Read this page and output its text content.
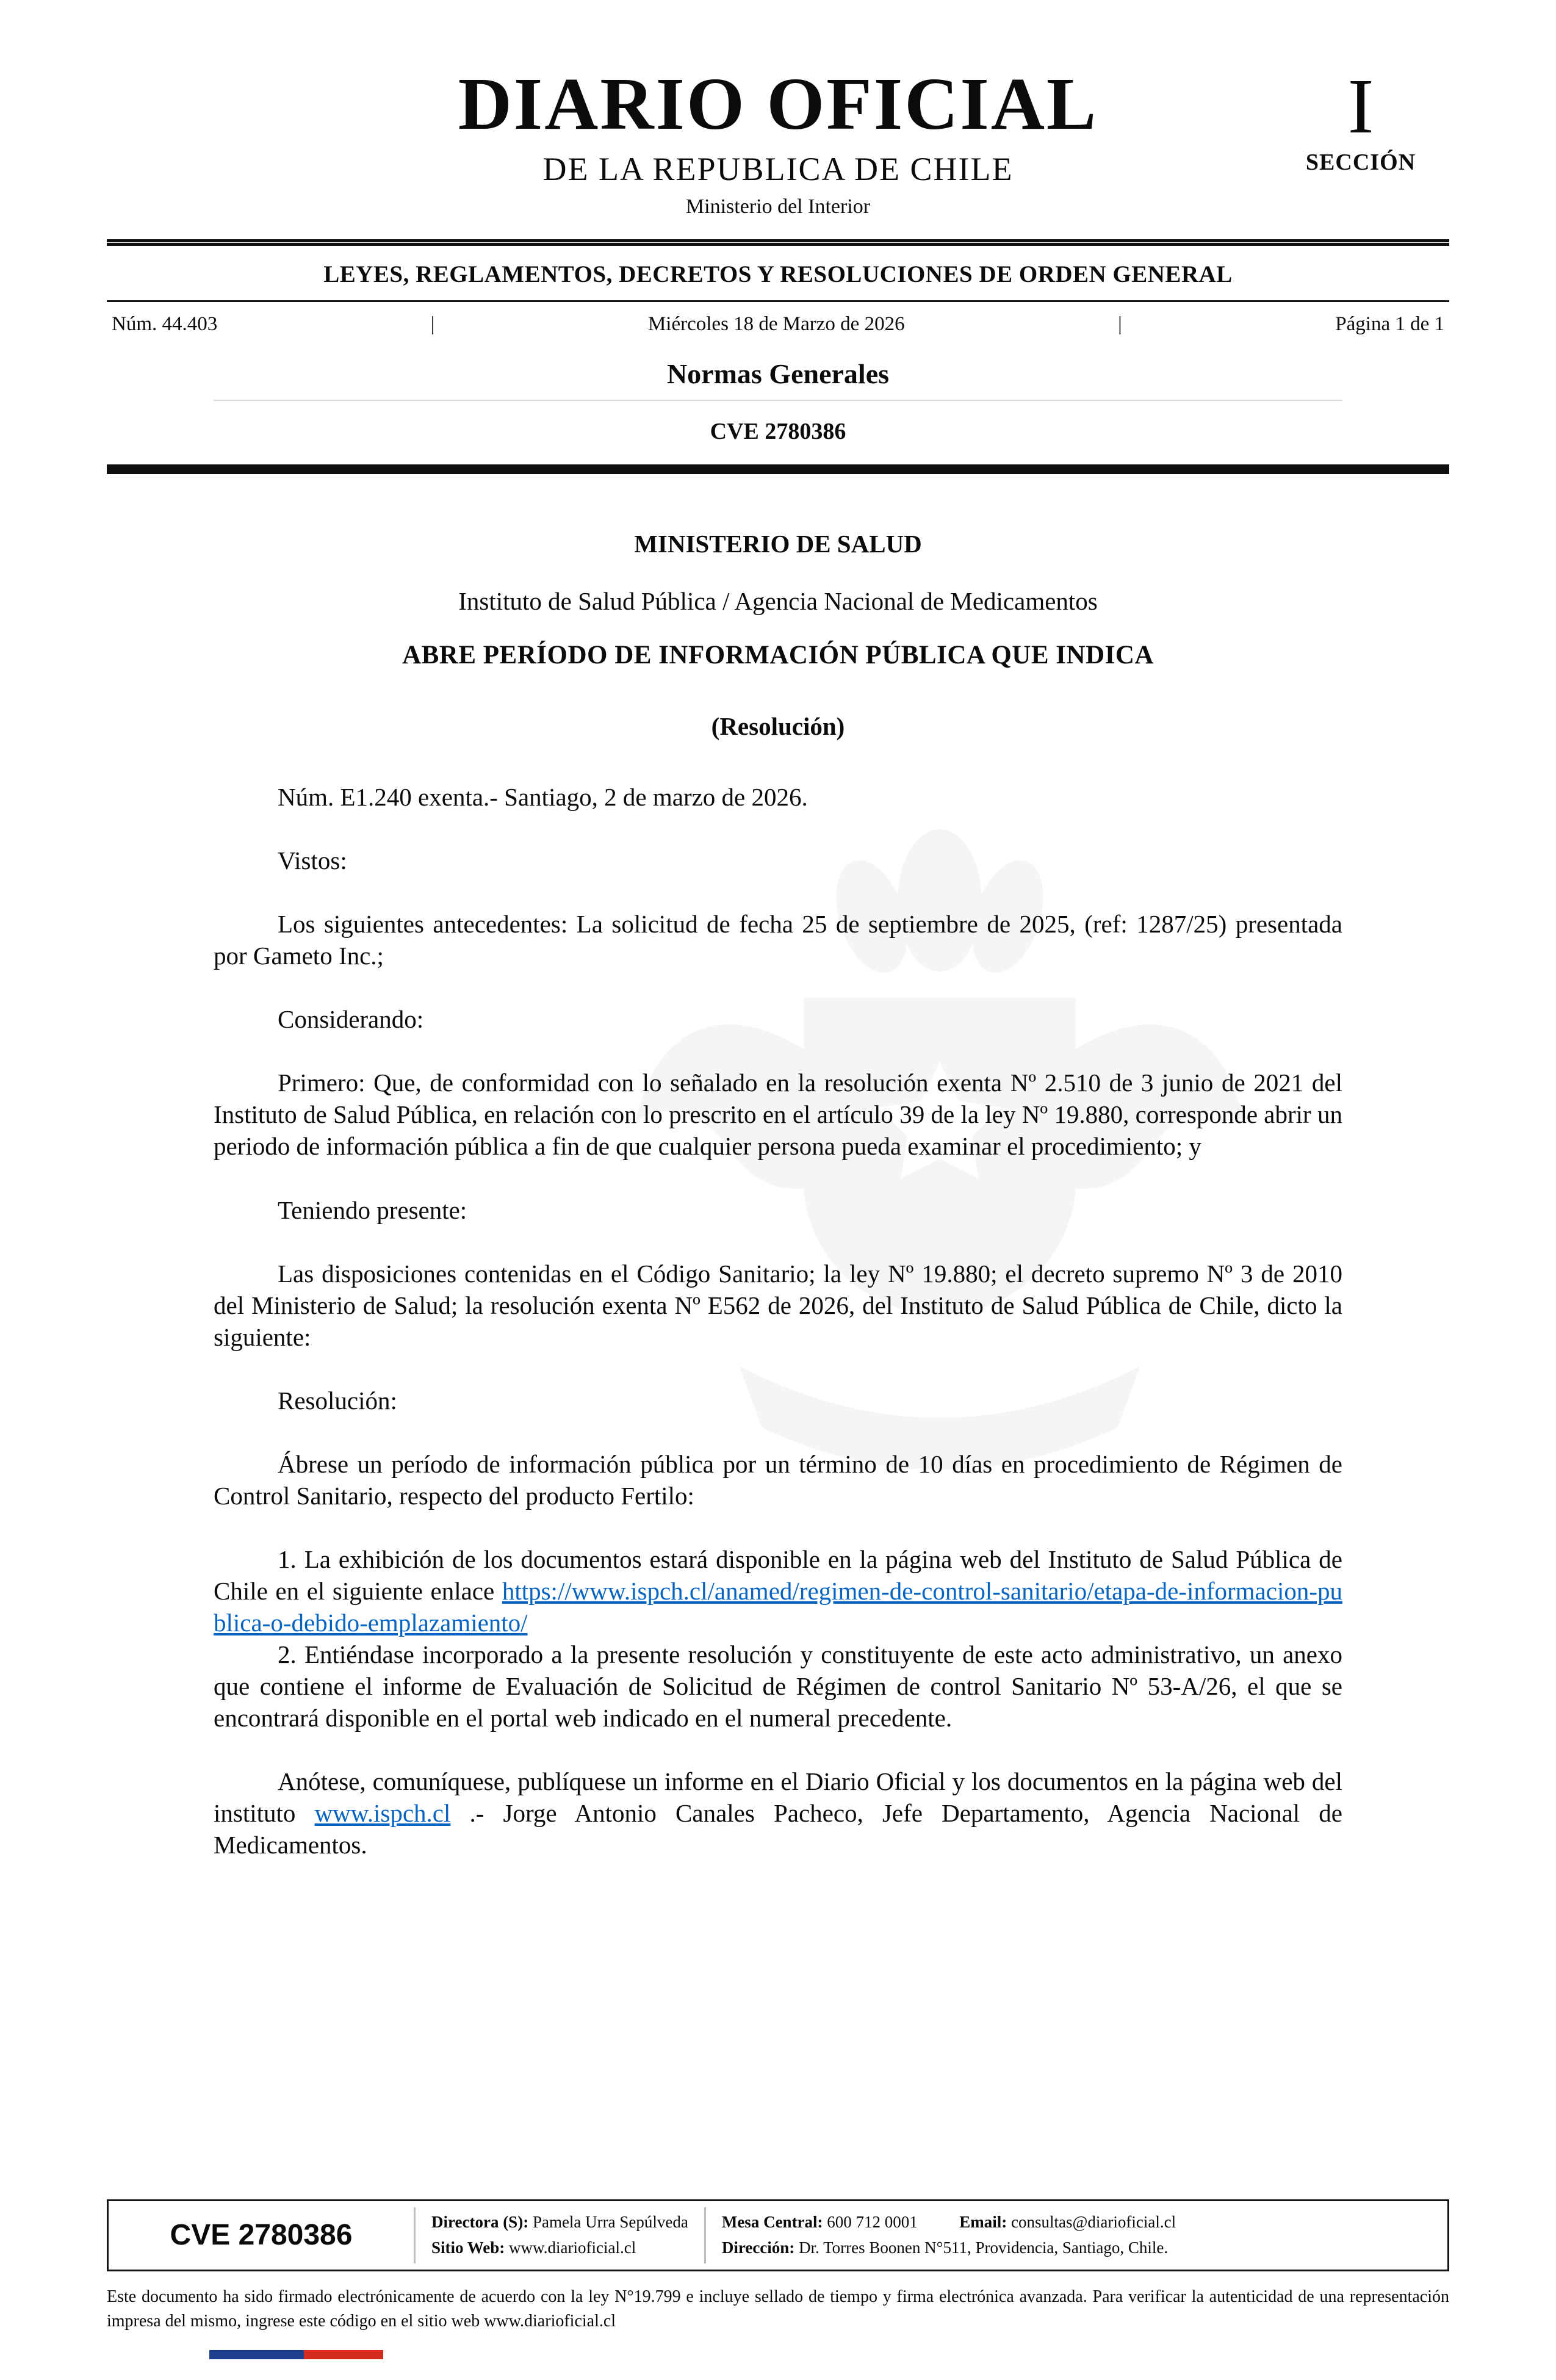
DIARIO OFICIAL
DE LA REPUBLICA DE CHILE
Ministerio del Interior
I
SECCIÓN
LEYES, REGLAMENTOS, DECRETOS Y RESOLUCIONES DE ORDEN GENERAL
Núm. 44.403	|	Miércoles 18 de Marzo de 2026	|	Página 1 de 1
Normas Generales
CVE 2780386
MINISTERIO DE SALUD
Instituto de Salud Pública / Agencia Nacional de Medicamentos
ABRE PERÍODO DE INFORMACIÓN PÚBLICA QUE INDICA
(Resolución)

Núm. E1.240 exenta.- Santiago, 2 de marzo de 2026.

Vistos:

Los siguientes antecedentes: La solicitud de fecha 25 de septiembre de 2025, (ref: 1287/25) presentada por Gameto Inc.;

Considerando:

Primero: Que, de conformidad con lo señalado en la resolución exenta Nº 2.510 de 3 junio de 2021 del Instituto de Salud Pública, en relación con lo prescrito en el artículo 39 de la ley Nº 19.880, corresponde abrir un periodo de información pública a fin de que cualquier persona pueda examinar el procedimiento; y

Teniendo presente:

Las disposiciones contenidas en el Código Sanitario; la ley Nº 19.880; el decreto supremo Nº 3 de 2010 del Ministerio de Salud; la resolución exenta Nº E562 de 2026, del Instituto de Salud Pública de Chile, dicto la siguiente:

Resolución:

Ábrese un período de información pública por un término de 10 días en procedimiento de Régimen de Control Sanitario, respecto del producto Fertilo:

1. La exhibición de los documentos estará disponible en la página web del Instituto de Salud Pública de Chile en el siguiente enlace https://www.ispch.cl/anamed/regimen-de-control-sanitario/etapa-de-informacion-publica-o-debido-emplazamiento/

2. Entiéndase incorporado a la presente resolución y constituyente de este acto administrativo, un anexo que contiene el informe de Evaluación de Solicitud de Régimen de control Sanitario Nº 53-A/26, el que se encontrará disponible en el portal web indicado en el numeral precedente.

Anótese, comuníquese, publíquese un informe en el Diario Oficial y los documentos en la página web del instituto www.ispch.cl .- Jorge Antonio Canales Pacheco, Jefe Departamento, Agencia Nacional de Medicamentos.

CVE 2780386	Directora (S): Pamela Urra Sepúlveda
Sitio Web: www.diarioficial.cl
Mesa Central: 600 712 0001	Email: consultas@diarioficial.cl
Dirección: Dr. Torres Boonen N°511, Providencia, Santiago, Chile.

Este documento ha sido firmado electrónicamente de acuerdo con la ley N°19.799 e incluye sellado de tiempo y firma electrónica avanzada. Para verificar la autenticidad de una representación impresa del mismo, ingrese este código en el sitio web www.diarioficial.cl
